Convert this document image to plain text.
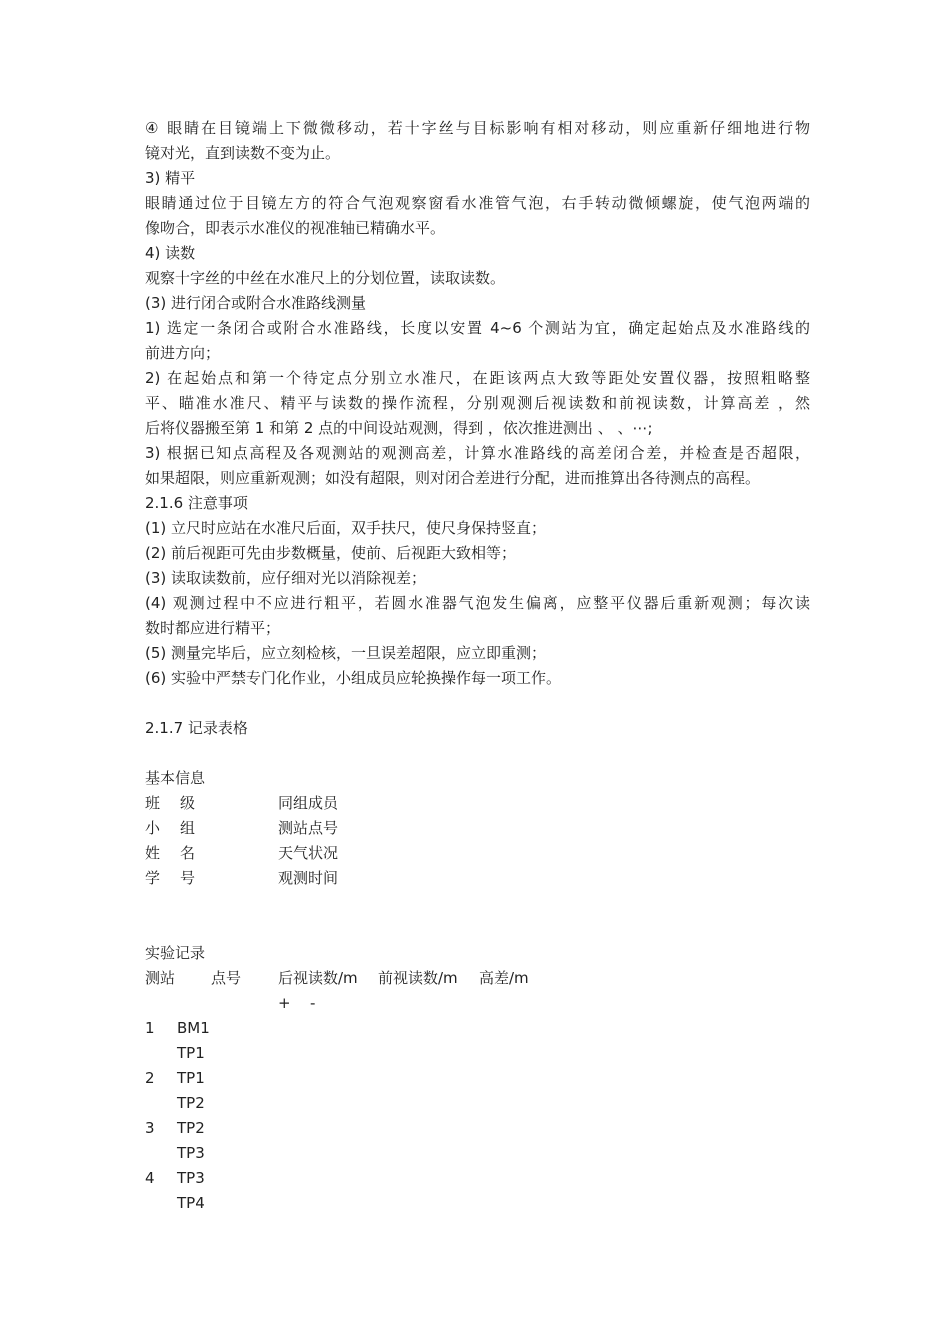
④ 眼睛在目镜端上下微微移动，若十字丝与目标影响有相对移动，则应重新仔细地进行物
镜对光，直到读数不变为止。
3) 精平
眼睛通过位于目镜左方的符合气泡观察窗看水准管气泡，右手转动微倾螺旋，使气泡两端的
像吻合，即表示水准仪的视准轴已精确水平。
4) 读数
观察十字丝的中丝在水准尺上的分划位置，读取读数。
(3) 进行闭合或附合水准路线测量
1) 选定一条闭合或附合水准路线，长度以安置 4~6 个测站为宜，确定起始点及水准路线的
前进方向；
2) 在起始点和第一个待定点分别立水准尺，在距该两点大致等距处安置仪器，按照粗略整
平、瞄准水准尺、精平与读数的操作流程，分别观测后视读数和前视读数，计算高差 ，然
后将仪器搬至第 1 和第 2 点的中间设站观测，得到 ，依次推进测出 、 、⋯;
3) 根据已知点高程及各观测站的观测高差，计算水准路线的高差闭合差，并检查是否超限，
如果超限，则应重新观测；如没有超限，则对闭合差进行分配，进而推算出各待测点的高程。
2.1.6 注意事项
(1) 立尺时应站在水准尺后面，双手扶尺，使尺身保持竖直；
(2) 前后视距可先由步数概量，使前、后视距大致相等；
(3) 读取读数前，应仔细对光以消除视差；
(4) 观测过程中不应进行粗平，若圆水准器气泡发生偏离，应整平仪器后重新观测；每次读
数时都应进行精平；
(5) 测量完毕后，应立刻检核，一旦误差超限，应立即重测；
(6) 实验中严禁专门化作业，小组成员应轮换操作每一项工作。
2.1.7 记录表格
基本信息
班 级	同组成员
小 组	测站点号
姓 名	天气状况
学 号	观测时间
实验记录
测站 点号 后视读数/m 前视读数/m 高差/m
+ -
1 BM1
TP1
2 TP1
TP2
3 TP2
TP3
4 TP3
TP4
